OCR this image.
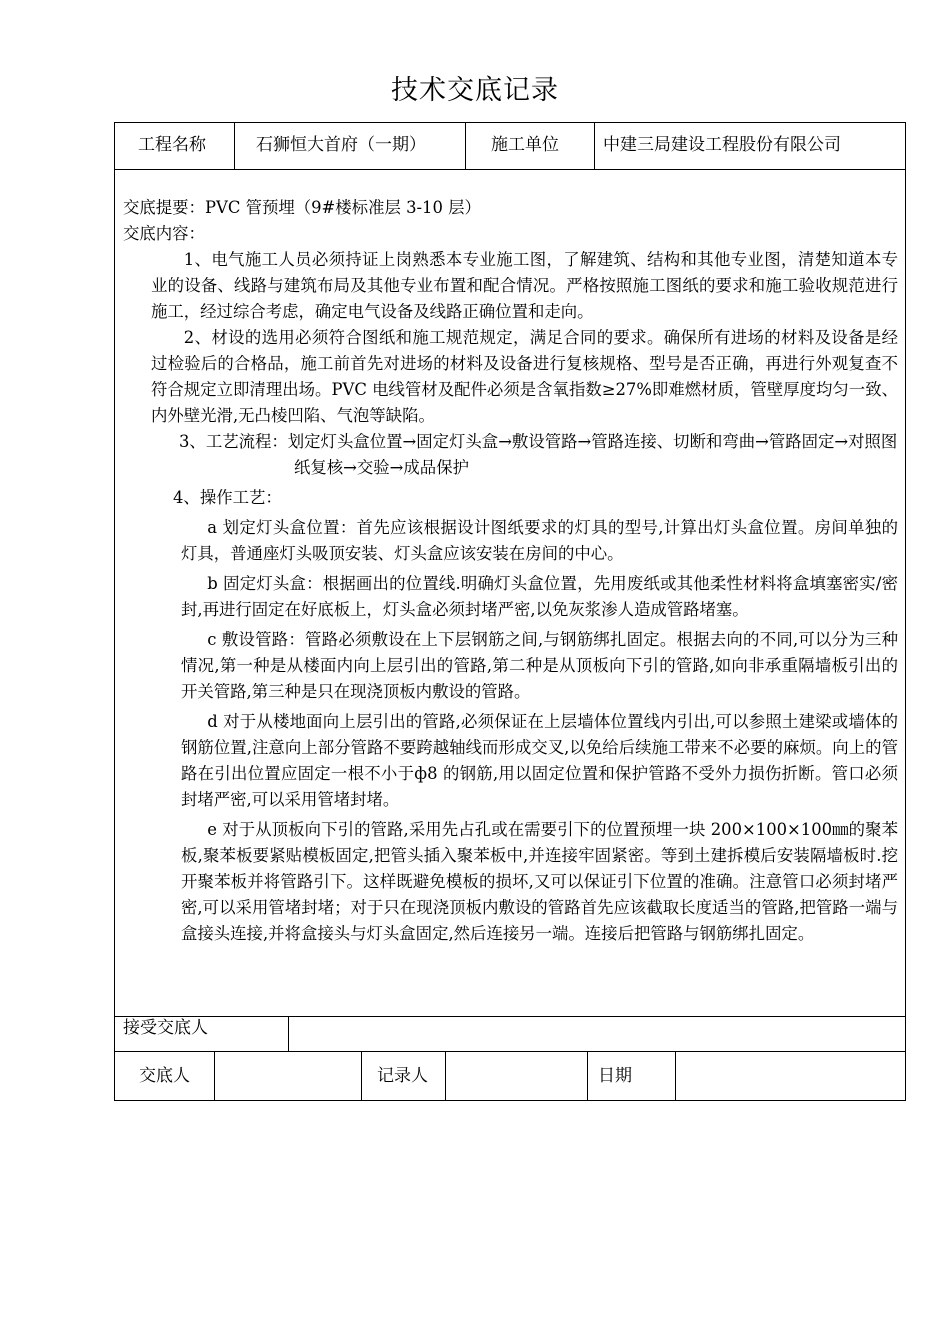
技术交底记录
工程名称	石狮恒大首府（一期）	施工单位	中建三局建设工程股份有限公司

交底提要：PVC 管预埋（9#楼标准层 3-10 层）

交底内容：

1、电气施工人员必须持证上岗熟悉本专业施工图，了解建筑、结构和其他专业图，清楚知道本专业的设备、线路与建筑布局及其他专业布置和配合情况。严格按照施工图纸的要求和施工验收规范进行施工，经过综合考虑，确定电气设备及线路正确位置和走向。

2、材设的选用必须符合图纸和施工规范规定，满足合同的要求。确保所有进场的材料及设备是经过检验后的合格品，施工前首先对进场的材料及设备进行复核规格、型号是否正确，再进行外观复查不符合规定立即清理出场。PVC 电线管材及配件必须是含氧指数≥27%即难燃材质，管壁厚度均匀一致、内外壁光滑,无凸棱凹陷、气泡等缺陷。

3、工艺流程：划定灯头盒位置→固定灯头盒→敷设管路→管路连接、切断和弯曲→管路固定→对照图纸复核→交验→成品保护

4、操作工艺：

a 划定灯头盒位置：首先应该根据设计图纸要求的灯具的型号,计算出灯头盒位置。房间单独的灯具，普通座灯头吸顶安装、灯头盒应该安装在房间的中心。

b 固定灯头盒：根据画出的位置线.明确灯头盒位置，先用废纸或其他柔性材料将盒填塞密实/密封,再进行固定在好底板上，灯头盒必须封堵严密,以免灰浆渗人造成管路堵塞。

c 敷设管路：管路必须敷设在上下层钢筋之间,与钢筋绑扎固定。根据去向的不同,可以分为三种情况,第一种是从楼面内向上层引出的管路,第二种是从顶板向下引的管路,如向非承重隔墙板引出的开关管路,第三种是只在现浇顶板内敷设的管路。

d 对于从楼地面向上层引出的管路,必须保证在上层墙体位置线内引出,可以参照土建梁或墙体的钢筋位置,注意向上部分管路不要跨越轴线而形成交叉,以免给后续施工带来不必要的麻烦。向上的管路在引出位置应固定一根不小于ф8 的钢筋,用以固定位置和保护管路不受外力损伤折断。管口必须封堵严密,可以采用管堵封堵。

e 对于从顶板向下引的管路,采用先占孔或在需要引下的位置预埋一块 200×100×100㎜的聚苯板,聚苯板要紧贴模板固定,把管头插入聚苯板中,并连接牢固紧密。等到土建拆模后安装隔墙板时.挖开聚苯板并将管路引下。这样既避免模板的损坏,又可以保证引下位置的准确。注意管口必须封堵严密,可以采用管堵封堵；对于只在现浇顶板内敷设的管路首先应该截取长度适当的管路,把管路一端与盒接头连接,并将盒接头与灯头盒固定,然后连接另一端。连接后把管路与钢筋绑扎固定。

接受交底人
交底人	记录人	日期
